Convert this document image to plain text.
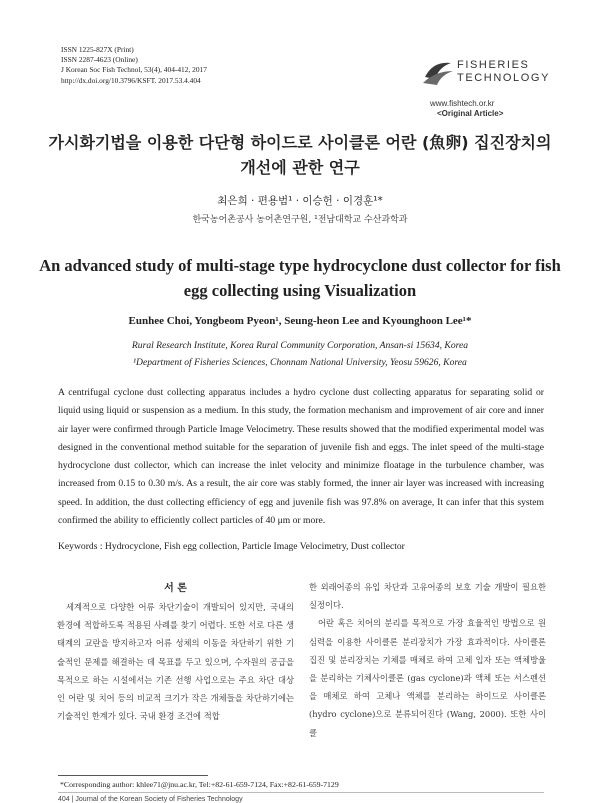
ISSN 1225-827X (Print)
ISSN 2287-4623 (Online)
J Korean Soc Fish Technol, 53(4), 404-412, 2017
http://dx.doi.org/10.3796/KSFT. 2017.53.4.404
FISHERIES
TECHNOLOGY
www.fishtech.or.kr
<Original Article>
가시화기법을 이용한 다단형 하이드로 사이클론 어란 (魚卵) 집진장치의
개선에 관한 연구
최은희 · 편용범¹ · 이승헌 · 이경훈¹*
한국농어촌공사 농어촌연구원, ¹전남대학교 수산과학과
An advanced study of multi-stage type hydrocyclone dust collector for fish
egg collecting using Visualization
Eunhee Choi, Yongbeom Pyeon¹, Seung-heon Lee and Kyounghoon Lee¹*
Rural Research Institute, Korea Rural Community Corporation, Ansan-si 15634, Korea
¹Department of Fisheries Sciences, Chonnam National University, Yeosu 59626, Korea
A centrifugal cyclone dust collecting apparatus includes a hydro cyclone dust collecting apparatus for separating solid or liquid using liquid or suspension as a medium. In this study, the formation mechanism and improvement of air core and inner air layer were confirmed through Particle Image Velocimetry. These results showed that the modified experimental model was designed in the conventional method suitable for the separation of juvenile fish and eggs. The inlet speed of the multi-stage hydrocyclone dust collector, which can increase the inlet velocity and minimize floatage in the turbulence chamber, was increased from 0.15 to 0.30 m/s. As a result, the air core was stably formed, the inner air layer was increased with increasing speed. In addition, the dust collecting efficiency of egg and juvenile fish was 97.8% on average, It can infer that this system confirmed the ability to efficiently collect particles of 40 μm or more.
Keywords : Hydrocyclone, Fish egg collection, Particle Image Velocimetry, Dust collector
서 론

세계적으로 다양한 어류 차단기술이 개발되어 있지만, 국내의 환경에 적합하도록 적용된 사례를 찾기 어렵다. 또한 서로 다른 생태계의 교란을 방지하고자 어류 성체의 이동을 차단하기 위한 기술적인 문제를 해결하는 데 목표를 두고 있으며, 수자원의 공급을 목적으로 하는 시설에서는 기존 선행 사업으로는 주요 차단 대상인 어란 및 치어 등의 비교적 크기가 작은 개체들을 차단하기에는 기술적인 한계가 있다. 국내 환경 조건에 적합

한 외래어종의 유입 차단과 고유어종의 보호 기술 개발이 필요한 실정이다.

어란 혹은 치어의 분리를 목적으로 가장 효율적인 방법으로 원심력을 이용한 사이클론 분리장치가 가장 효과적이다. 사이클론 집진 및 분리장치는 기체를 매체로 하여 고체 입자 또는 액체방울을 분리하는 기체사이클론 (gas cyclone)과 액체 또는 서스펜션을 매체로 하여 고체나 액체를 분리하는 하이드로 사이클론 (hydro cyclone)으로 분류되어진다 (Wang, 2000). 또한 사이클

*Corresponding author: khlee71@jnu.ac.kr, Tel:+82-61-659-7124, Fax:+82-61-659-7129
404 | Journal of the Korean Society of Fisheries Technology
